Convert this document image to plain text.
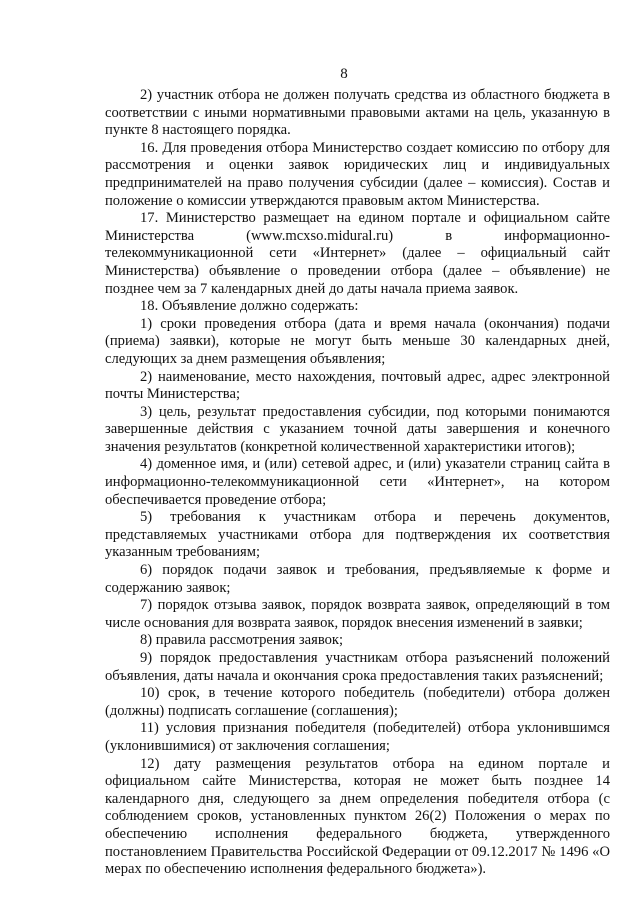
8

2) участник отбора не должен получать средства из областного бюджета в соответствии с иными нормативными правовыми актами на цель, указанную в пункте 8 настоящего порядка.

16. Для проведения отбора Министерство создает комиссию по отбору для рассмотрения и оценки заявок юридических лиц и индивидуальных предпринимателей на право получения субсидии (далее – комиссия). Состав и положение о комиссии утверждаются правовым актом Министерства.

17. Министерство размещает на едином портале и официальном сайте Министерства (www.mcxso.midural.ru) в информационно-телекоммуникационной сети «Интернет» (далее – официальный сайт Министерства) объявление о проведении отбора (далее – объявление) не позднее чем за 7 календарных дней до даты начала приема заявок.

18. Объявление должно содержать:

1) сроки проведения отбора (дата и время начала (окончания) подачи (приема) заявки), которые не могут быть меньше 30 календарных дней, следующих за днем размещения объявления;

2) наименование, место нахождения, почтовый адрес, адрес электронной почты Министерства;

3) цель, результат предоставления субсидии, под которыми понимаются завершенные действия с указанием точной даты завершения и конечного значения результатов (конкретной количественной характеристики итогов);

4) доменное имя, и (или) сетевой адрес, и (или) указатели страниц сайта в информационно-телекоммуникационной сети «Интернет», на котором обеспечивается проведение отбора;

5) требования к участникам отбора и перечень документов, представляемых участниками отбора для подтверждения их соответствия указанным требованиям;

6) порядок подачи заявок и требования, предъявляемые к форме и содержанию заявок;

7) порядок отзыва заявок, порядок возврата заявок, определяющий в том числе основания для возврата заявок, порядок внесения изменений в заявки;

8) правила рассмотрения заявок;

9) порядок предоставления участникам отбора разъяснений положений объявления, даты начала и окончания срока предоставления таких разъяснений;

10) срок, в течение которого победитель (победители) отбора должен (должны) подписать соглашение (соглашения);

11) условия признания победителя (победителей) отбора уклонившимся (уклонившимися) от заключения соглашения;

12) дату размещения результатов отбора на едином портале и официальном сайте Министерства, которая не может быть позднее 14 календарного дня, следующего за днем определения победителя отбора (с соблюдением сроков, установленных пунктом 26(2) Положения о мерах по обеспечению исполнения федерального бюджета, утвержденного постановлением Правительства Российской Федерации от 09.12.2017 № 1496 «О мерах по обеспечению исполнения федерального бюджета»).
